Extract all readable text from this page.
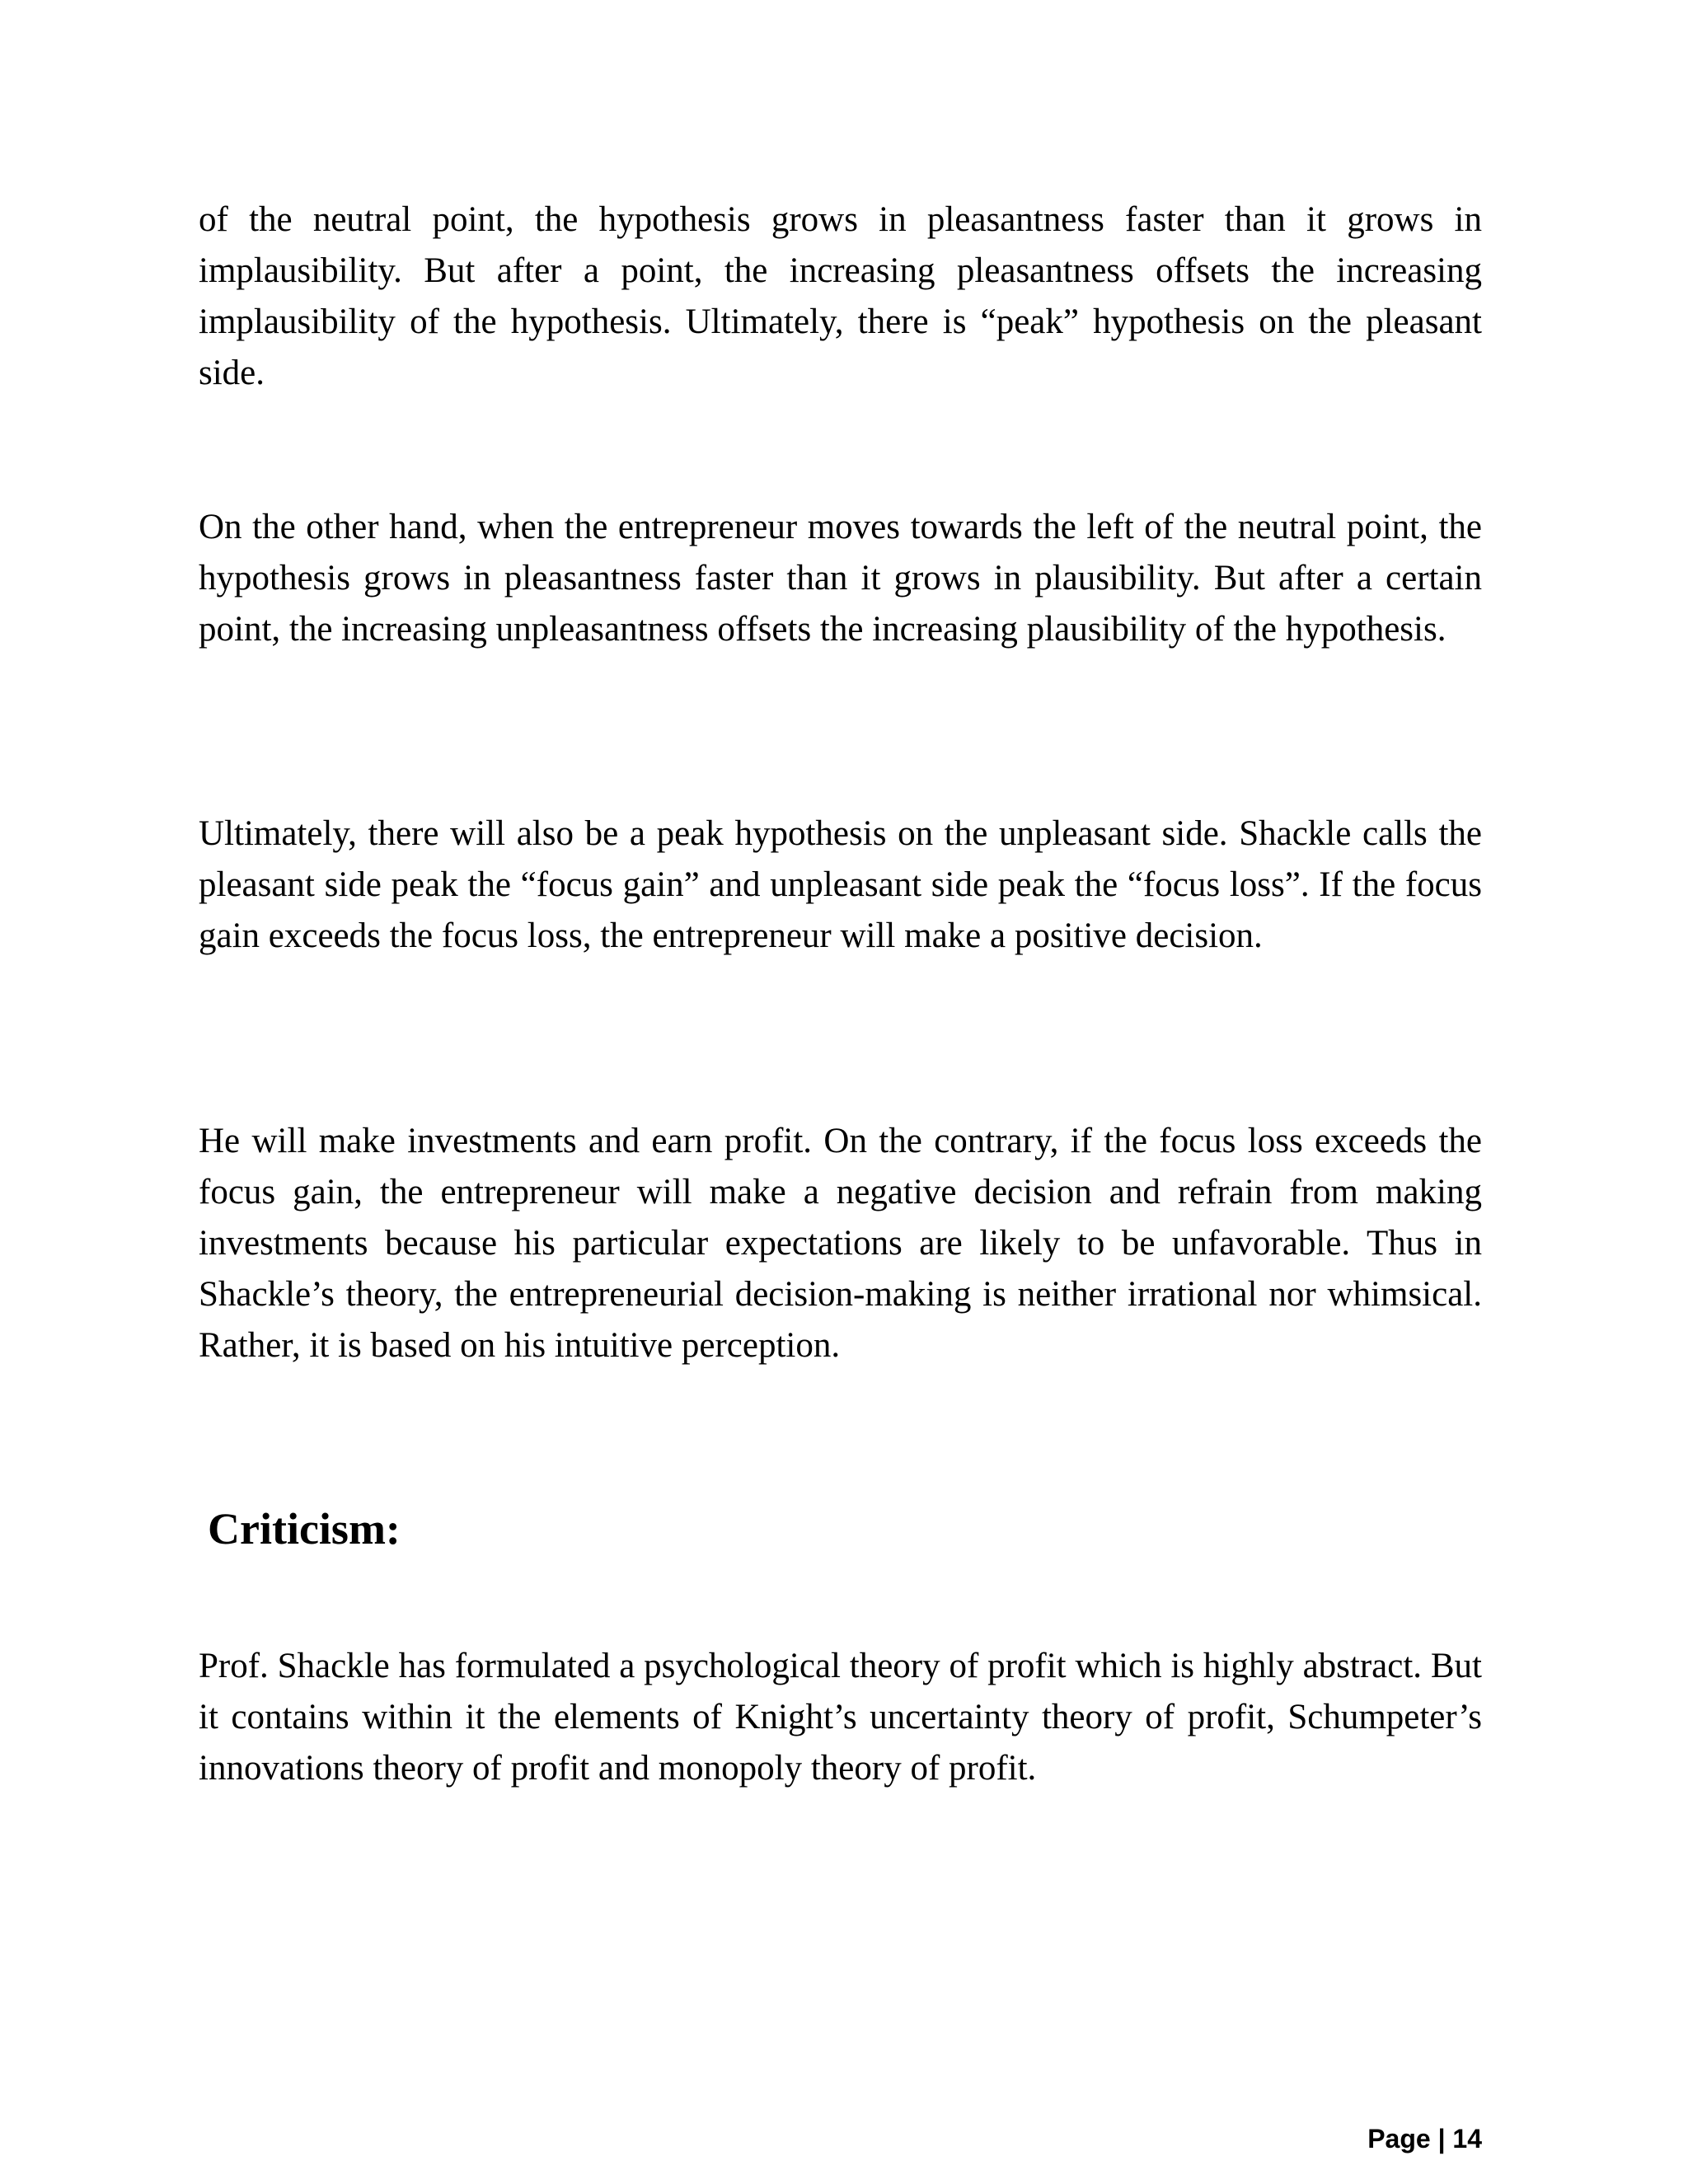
of the neutral point, the hypothesis grows in pleasantness faster than it grows in implausibility. But after a point, the increasing pleasantness offsets the increasing implausibility of the hypothesis. Ultimately, there is “peak” hypothesis on the pleasant side.

On the other hand, when the entrepreneur moves towards the left of the neutral point, the hypothesis grows in pleasantness faster than it grows in plausibility. But after a certain point, the increasing unpleasantness offsets the increasing plausibility of the hypothesis.

Ultimately, there will also be a peak hypothesis on the unpleasant side. Shackle calls the pleasant side peak the “focus gain” and unpleasant side peak the “focus loss”. If the focus gain exceeds the focus loss, the entrepreneur will make a positive decision.

He will make investments and earn profit. On the contrary, if the focus loss exceeds the focus gain, the entrepreneur will make a negative decision and refrain from making investments because his particular expectations are likely to be unfavorable. Thus in Shackle’s theory, the entrepreneurial decision-making is neither irrational nor whimsical. Rather, it is based on his intuitive perception.

Criticism:

Prof. Shackle has formulated a psychological theory of profit which is highly abstract. But it contains within it the elements of Knight’s uncertainty theory of profit, Schumpeter’s innovations theory of profit and monopoly theory of profit.

Page | 14
